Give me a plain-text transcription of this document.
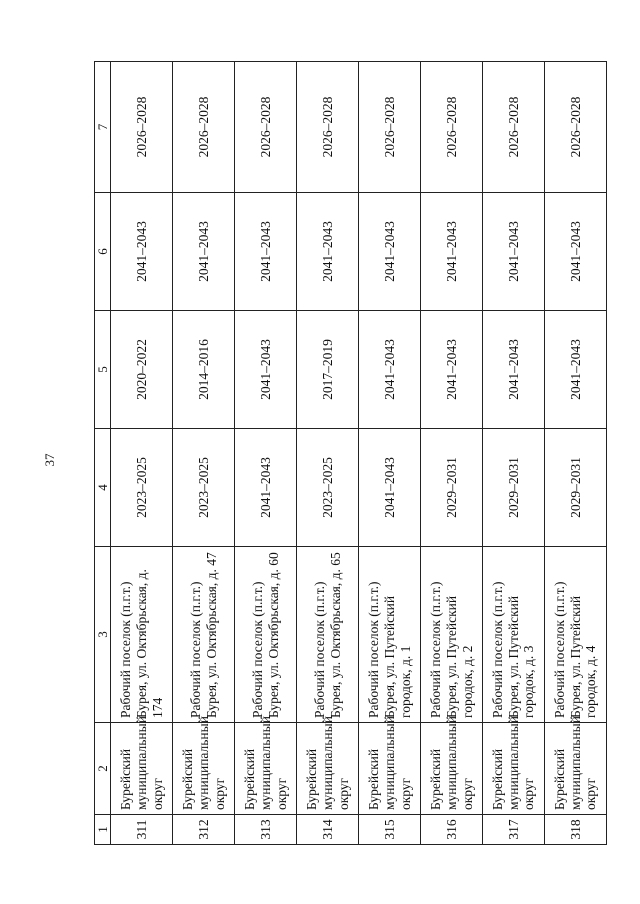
37
1	2	3	4	5	6	7
311	Бурейский муниципальный округ	Рабочий поселок (п.г.т.) Бурея, ул. Октябрьская, д. 174	2023–2025	2020–2022	2041–2043	2026–2028
312	Бурейский муниципальный округ	Рабочий поселок (п.г.т.) Бурея, ул. Октябрьская, д. 47	2023–2025	2014–2016	2041–2043	2026–2028
313	Бурейский муниципальный округ	Рабочий поселок (п.г.т.) Бурея, ул. Октябрьская, д. 60	2041–2043	2041–2043	2041–2043	2026–2028
314	Бурейский муниципальный округ	Рабочий поселок (п.г.т.) Бурея, ул. Октябрьская, д. 65	2023–2025	2017–2019	2041–2043	2026–2028
315	Бурейский муниципальный округ	Рабочий поселок (п.г.т.) Бурея, ул. Путейский городок, д. 1	2041–2043	2041–2043	2041–2043	2026–2028
316	Бурейский муниципальный округ	Рабочий поселок (п.г.т.) Бурея, ул. Путейский городок, д. 2	2029–2031	2041–2043	2041–2043	2026–2028
317	Бурейский муниципальный округ	Рабочий поселок (п.г.т.) Бурея, ул. Путейский городок, д. 3	2029–2031	2041–2043	2041–2043	2026–2028
318	Бурейский муниципальный округ	Рабочий поселок (п.г.т.) Бурея, ул. Путейский городок, д. 4	2029–2031	2041–2043	2041–2043	2026–2028
